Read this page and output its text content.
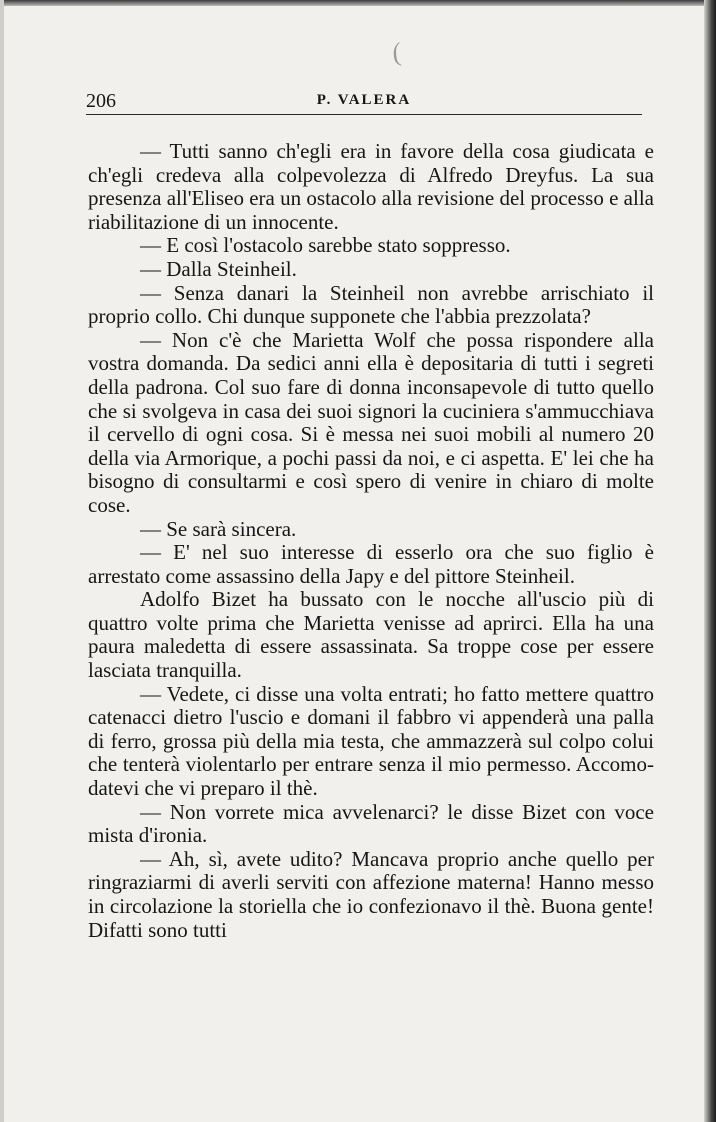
(
206	P. VALERA

— Tutti sanno ch'egli era in favore della cosa giudicata e ch'egli credeva alla colpevolezza di Alfredo Dreyfus. La sua presenza all'Eliseo era un ostacolo alla revisione del processo e alla riabilitazione di un innocente.

— E così l'ostacolo sarebbe stato soppresso.

— Dalla Steinheil.

— Senza danari la Steinheil non avrebbe arrischiato il proprio collo. Chi dunque supponete che l'abbia prezzolata?

— Non c'è che Marietta Wolf che possa rispondere alla vostra domanda. Da sedici anni ella è depositaria di tutti i segreti della padrona. Col suo fare di donna inconsapevole di tutto quello che si svolgeva in casa dei suoi signori la cuciniera s'ammucchiava il cervello di ogni cosa. Si è messa nei suoi mobili al numero 20 della via Armorique, a pochi passi da noi, e ci aspetta. E' lei che ha bisogno di consultarmi e così spero di venire in chiaro di molte cose.

— Se sarà sincera.

— E' nel suo interesse di esserlo ora che suo figlio è arrestato come assassino della Japy e del pittore Steinheil.

Adolfo Bizet ha bussato con le nocche all'uscio più di quattro volte prima che Marietta venisse ad aprirci. Ella ha una paura maledetta di essere assassinata. Sa troppe cose per essere lasciata tranquilla.

— Vedete, ci disse una volta entrati; ho fatto mettere quattro catenacci dietro l'uscio e domani il fabbro vi appenderà una palla di ferro, grossa più della mia testa, che ammazzerà sul colpo colui che tenterà violentarlo per entrare senza il mio permesso. Accomodatevi che vi preparo il thè.

— Non vorrete mica avvelenarci? le disse Bizet con voce mista d'ironia.

— Ah, sì, avete udito? Mancava proprio anche quello per ringraziarmi di averli serviti con affezione materna! Hanno messo in circolazione la storiella che io confezionavo il thè. Buona gente! Difatti sono tutti
